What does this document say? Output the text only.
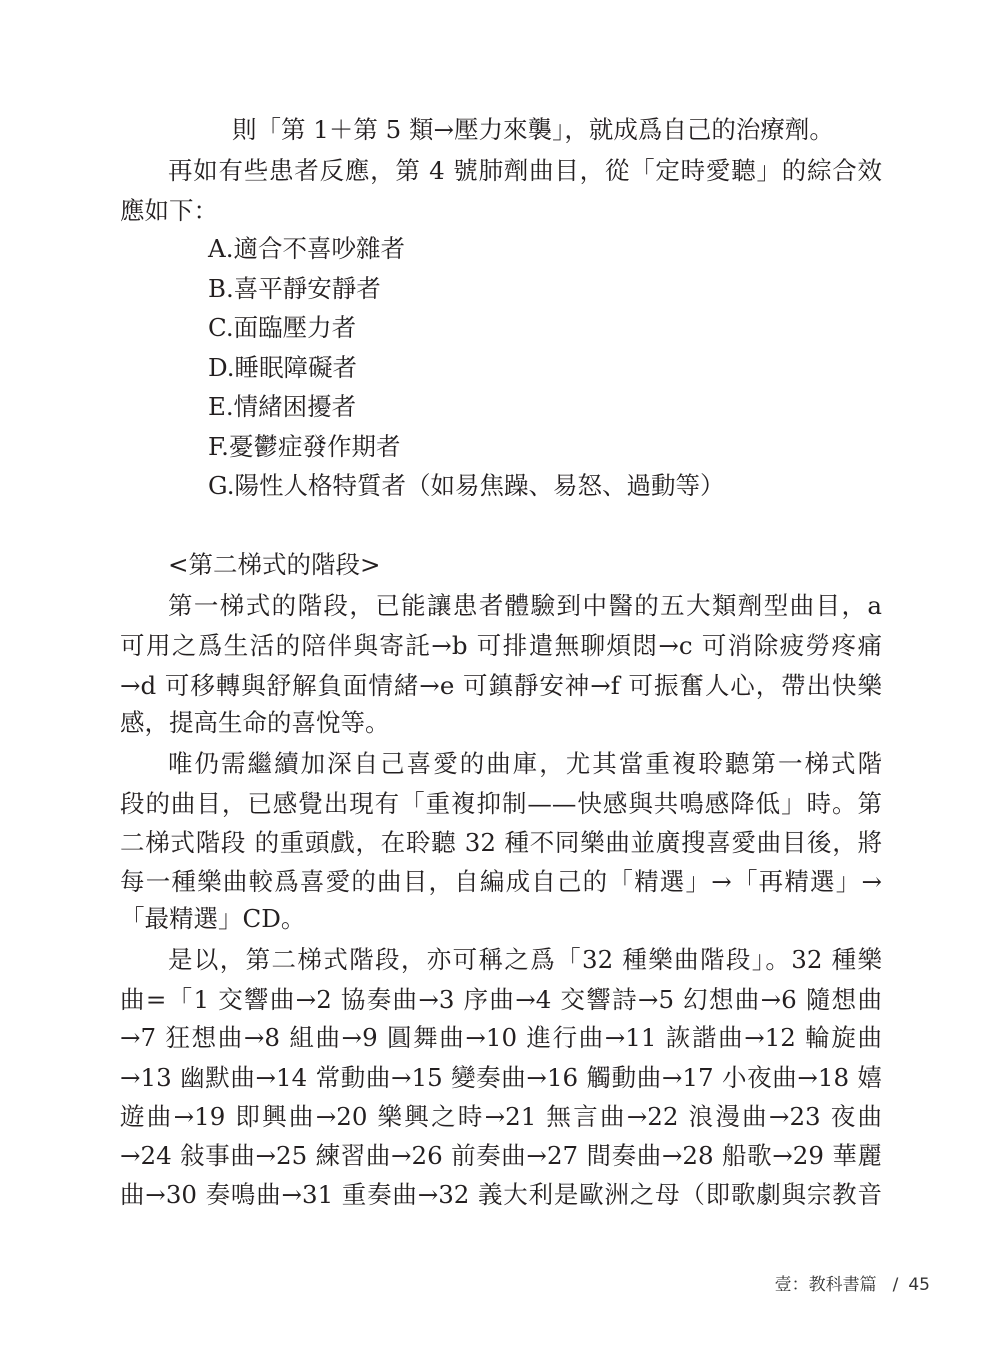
則「第 1＋第 5 類→壓力來襲」，就成爲自己的治療劑。
再如有些患者反應，第 4 號肺劑曲目，從「定時愛聽」的綜合效
應如下：
A.適合不喜吵雜者
B.喜平靜安靜者
C.面臨壓力者
D.睡眠障礙者
E.情緒困擾者
F.憂鬱症發作期者
G.陽性人格特質者（如易焦躁、易怒、過動等）
<第二梯式的階段>
第一梯式的階段，已能讓患者體驗到中醫的五大類劑型曲目，a
可用之爲生活的陪伴與寄託→b 可排遣無聊煩悶→c 可消除疲勞疼痛
→d 可移轉與舒解負面情緒→e 可鎮靜安神→f 可振奮人心，帶出快樂
感，提高生命的喜悅等。
唯仍需繼續加深自己喜愛的曲庫，尤其當重複聆聽第一梯式階
段的曲目，已感覺出現有「重複抑制——快感與共鳴感降低」時。第
二梯式階段 的重頭戲，在聆聽 32 種不同樂曲並廣搜喜愛曲目後，將
每一種樂曲較爲喜愛的曲目，自編成自己的「精選」→「再精選」→
「最精選」CD。
是以，第二梯式階段，亦可稱之爲「32 種樂曲階段」。32 種樂
曲=「1 交響曲→2 協奏曲→3 序曲→4 交響詩→5 幻想曲→6 隨想曲
→7 狂想曲→8 組曲→9 圓舞曲→10 進行曲→11 詼諧曲→12 輪旋曲
→13 幽默曲→14 常動曲→15 變奏曲→16 觸動曲→17 小夜曲→18 嬉
遊曲→19 即興曲→20 樂興之時→21 無言曲→22 浪漫曲→23 夜曲
→24 敍事曲→25 練習曲→26 前奏曲→27 間奏曲→28 船歌→29 華麗
曲→30 奏鳴曲→31 重奏曲→32 義大利是歐洲之母（即歌劇與宗教音
壹：教科書篇 / 45
